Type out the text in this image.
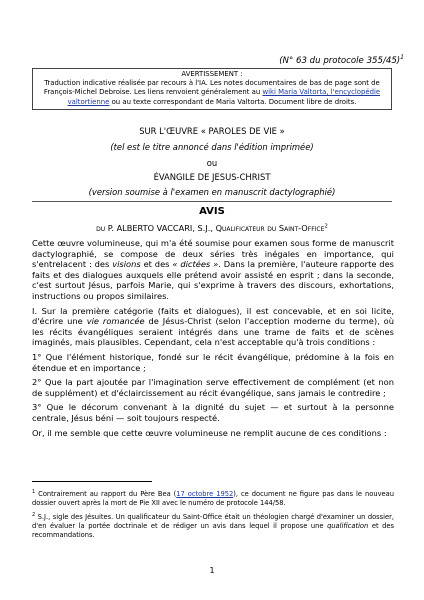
(N° 63 du protocole 355/45)$^1$
AVERTISSEMENT :
Traduction indicative réalisée par recours à l'IA. Les notes documentaires de bas de page sont de François-Michel Debroise. Les liens renvoient généralement au wiki Maria Valtorta, l'encyclopédie valtortienne ou au texte correspondant de Maria Valtorta. Document libre de droits.
SUR L'ŒUVRE « PAROLES DE VIE »
(tel est le titre annoncé dans l'édition imprimée)
ou
ÉVANGILE DE JESUS-CHRIST
(version soumise à l'examen en manuscrit dactylographié)
AVIS
du P. ALBERTO VACCARI, S.J., Qualificateur du Saint-Office$^2$

Cette œuvre volumineuse, qui m'a été soumise pour examen sous forme de manuscrit dactylographié, se compose de deux séries très inégales en importance, qui s'entrelacent : des visions et des « dictées ». Dans la première, l'auteure rapporte des faits et des dialogues auxquels elle prétend avoir assisté en esprit ; dans la seconde, c'est surtout Jésus, parfois Marie, qui s'exprime à travers des discours, exhortations, instructions ou propos similaires.

I. Sur la première catégorie (faits et dialogues), il est concevable, et en soi licite, d'écrire une vie romancée de Jésus-Christ (selon l'acception moderne du terme), où les récits évangéliques seraient intégrés dans une trame de faits et de scènes imaginés, mais plausibles. Cependant, cela n'est acceptable qu'à trois conditions :

1° Que l'élément historique, fondé sur le récit évangélique, prédomine à la fois en étendue et en importance ;

2° Que la part ajoutée par l'imagination serve effectivement de complément (et non de supplément) et d'éclaircissement au récit évangélique, sans jamais le contredire ;

3° Que le décorum convenant à la dignité du sujet — et surtout à la personne centrale, Jésus béni — soit toujours respecté.

Or, il me semble que cette œuvre volumineuse ne remplit aucune de ces conditions :

$^1$ Contrairement au rapport du Père Bea (17 octobre 1952), ce document ne figure pas dans le nouveau dossier ouvert après la mort de Pie XII avec le numéro de protocole 144/58.

$^2$ S.J., sigle des Jésuites. Un qualificateur du Saint-Office était un théologien chargé d'examiner un dossier, d'en évaluer la portée doctrinale et de rédiger un avis dans lequel il propose une qualification et des recommandations.

1
